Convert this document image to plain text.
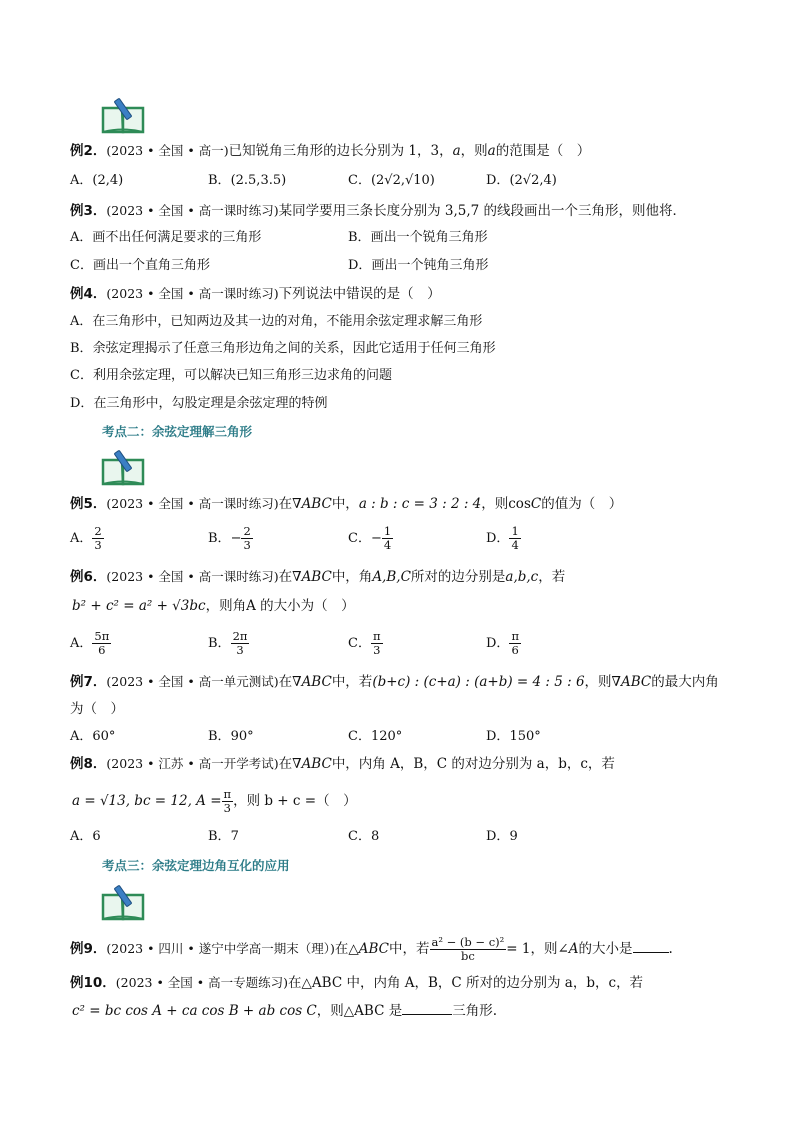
例2．(2023 • 全国 • 高一)已知锐角三角形的边长分别为 1，3，a，则a的范围是（　）
A．(2,4)	B．(2.5,3.5)	C．(2√2,√10)	D．(2√2,4)
例3．(2023 • 全国 • 高一课时练习)某同学要用三条长度分别为 3,5,7 的线段画出一个三角形，则他将．
A．画不出任何满足要求的三角形	B．画出一个锐角三角形
C．画出一个直角三角形	D．画出一个钝角三角形
例4．(2023 • 全国 • 高一课时练习)下列说法中错误的是（　）
A．在三角形中，已知两边及其一边的对角，不能用余弦定理求解三角形
B．余弦定理揭示了任意三角形边角之间的关系，因此它适用于任何三角形
C．利用余弦定理，可以解决已知三角形三边求角的问题
D．在三角形中，勾股定理是余弦定理的特例
考点二：余弦定理解三角形
例5．(2023 • 全国 • 高一课时练习)在∇ABC中，a : b : c = 3 : 2 : 4，则cosC的值为（　）
A． $\frac{2}{3}$	B．− $\frac{2}{3}$	C．− $\frac{1}{4}$	D． $\frac{1}{4}$
例6．(2023 • 全国 • 高一课时练习)在∇ABC中，角A,B,C所对的边分别是a,b,c，若
b² + c² = a² + √3bc，则角A 的大小为（　）
A． $\frac{5\pi}{6}$	B． $\frac{2\pi}{3}$	C． $\frac{\pi}{3}$	D． $\frac{\pi}{6}$
例7．(2023 • 全国 • 高一单元测试)在∇ABC中，若(b+c) : (c+a) : (a+b) = 4 : 5 : 6，则∇ABC的最大内角
为（　）
A．60°	B．90°	C．120°	D．150°
例8．(2023 • 江苏 • 高一开学考试)在∇ABC中，内角 A，B，C 的对边分别为 a，b，c，若
a = √13, bc = 12, $A = \frac{\pi}{3}$ ，则 b + c =（　）
A．6	B．7	C．8	D．9
考点三：余弦定理边角互化的应用
例9．(2023 • 四川 • 遂宁中学高一期末（理）)在△ABC中，若 $\frac{\text{a² − (b − c)²}}{bc} = 1$，则∠A的大小是	.
例10．(2023 • 全国 • 高一专题练习)在△ABC 中，内角 A，B，C 所对的边分别为 a，b，c，若
c² = bc cos A + ca cos B + ab cos C，则△ABC 是	三角形.
